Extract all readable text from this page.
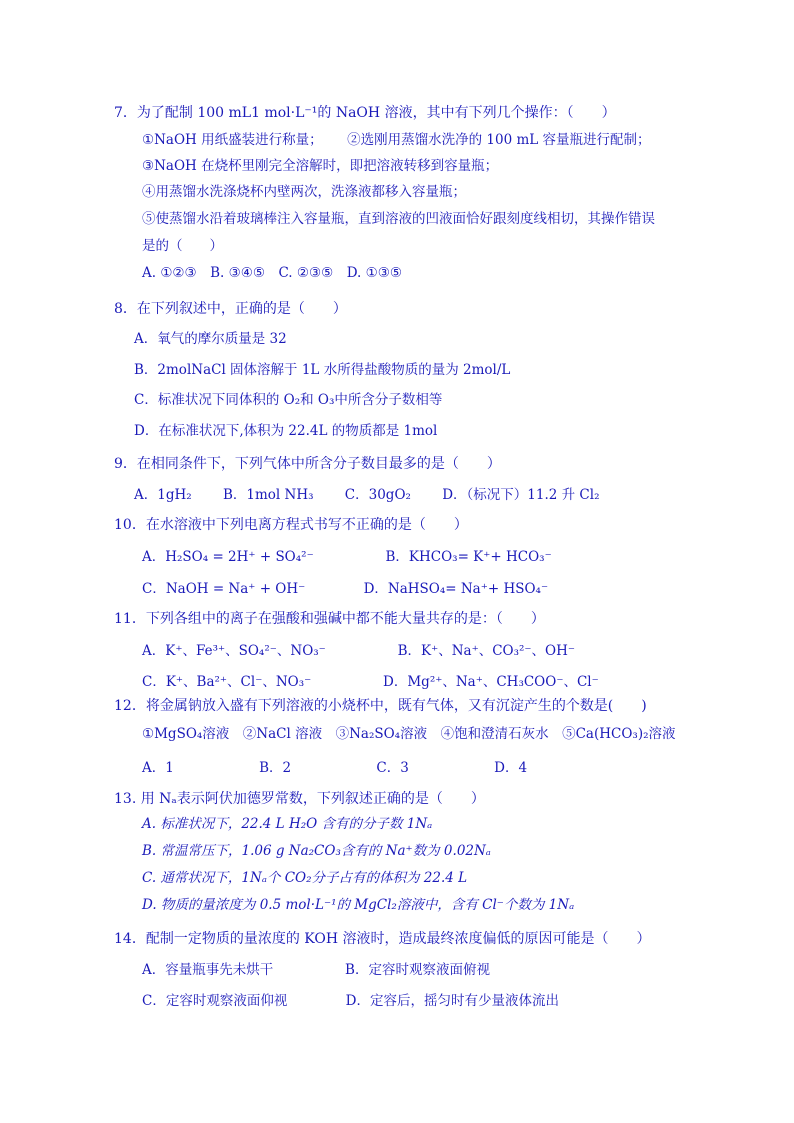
7．为了配制 100 mL1 mol·L⁻¹的 NaOH 溶液，其中有下列几个操作：（　　）
①NaOH 用纸盛装进行称量；　　 ②选刚用蒸馏水洗净的 100 mL 容量瓶进行配制；
③NaOH 在烧杯里刚完全溶解时，即把溶液转移到容量瓶；
④用蒸馏水洗涤烧杯内壁两次，洗涤液都移入容量瓶；
⑤使蒸馏水沿着玻璃棒注入容量瓶，直到溶液的凹液面恰好跟刻度线相切，其操作错误
是的（　　）
A. ①②③　B. ③④⑤　C. ②③⑤　D. ①③⑤
8．在下列叙述中，正确的是（　　）
A．氧气的摩尔质量是 32
B．2molNaCl 固体溶解于 1L 水所得盐酸物质的量为 2mol/L
C．标准状况下同体积的 O₂和 O₃中所含分子数相等
D．在标准状况下,体积为 22.4L 的物质都是 1mol
9．在相同条件下，下列气体中所含分子数目最多的是（　　）
A．1gH₂　　 B．1mol NH₃　　 C．30gO₂　　 D．（标况下）11.2 升 Cl₂
10．在水溶液中下列电离方程式书写不正确的是（　　）
A．H₂SO₄ = 2H⁺ + SO₄²⁻　　　　　 B．KHCO₃= K⁺+ HCO₃⁻
C．NaOH = Na⁺ + OH⁻　　　　 D．NaHSO₄= Na⁺+ HSO₄⁻
11．下列各组中的离子在强酸和强碱中都不能大量共存的是：（　　）
A．K⁺、Fe³⁺、SO₄²⁻、NO₃⁻　　　　　 B．K⁺、Na⁺、CO₃²⁻、OH⁻
C．K⁺、Ba²⁺、Cl⁻、NO₃⁻　　　　　 D．Mg²⁺、Na⁺、CH₃COO⁻、Cl⁻
12．将金属钠放入盛有下列溶液的小烧杯中，既有气体，又有沉淀产生的个数是(　　)
①MgSO₄溶液　②NaCl 溶液　③Na₂SO₄溶液　④饱和澄清石灰水　⑤Ca(HCO₃)₂溶液
A．1　　　　　　 B．2　　　　　　 C．3　　　　　　 D．4
13. 用 Nₐ表示阿伏加德罗常数，下列叙述正确的是（　　）
A. 标准状况下，22.4 L H₂O 含有的分子数 1Nₐ
B. 常温常压下，1.06 g Na₂CO₃含有的 Na⁺数为 0.02Nₐ
C. 通常状况下，1Nₐ个 CO₂分子占有的体积为 22.4 L
D. 物质的量浓度为 0.5 mol·L⁻¹的 MgCl₂溶液中，含有 Cl⁻个数为 1Nₐ
14．配制一定物质的量浓度的 KOH 溶液时，造成最终浓度偏低的原因可能是（　　）
A．容量瓶事先未烘干　　　　　 B．定容时观察液面俯视
C．定容时观察液面仰视　　　　 D．定容后，摇匀时有少量液体流出
